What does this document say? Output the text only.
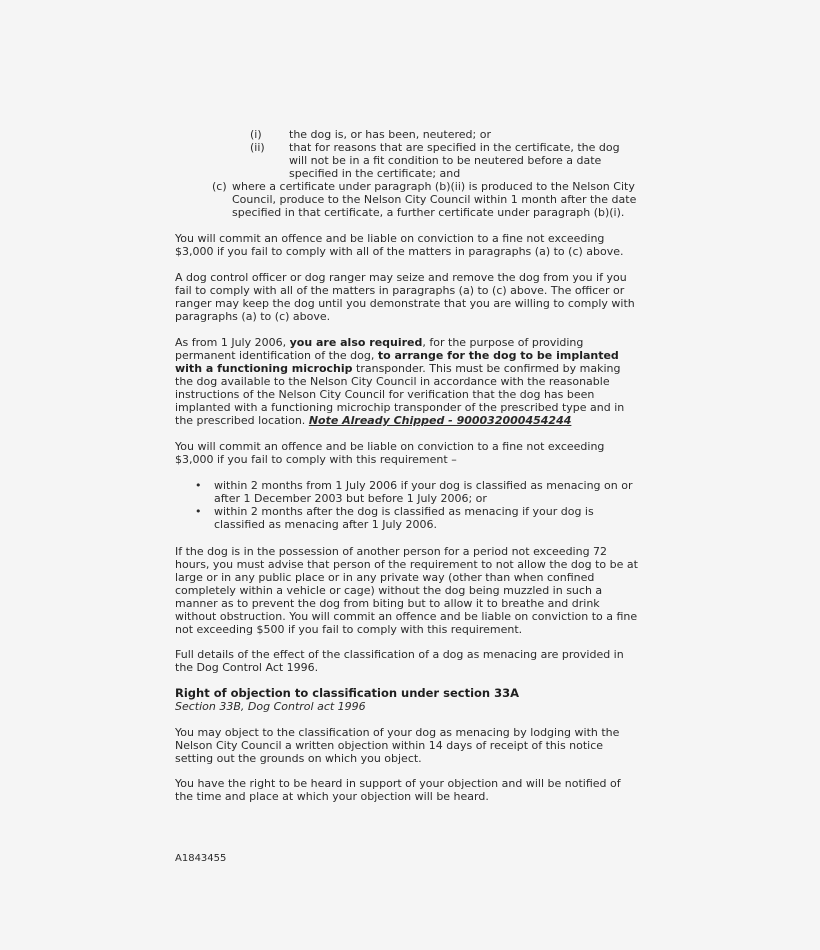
(i)	the dog is, or has been, neutered; or
(ii)	that for reasons that are specified in the certificate, the dog will not be in a fit condition to be neutered before a date specified in the certificate; and
(c) where a certificate under paragraph (b)(ii) is produced to the Nelson City Council, produce to the Nelson City Council within 1 month after the date specified in that certificate, a further certificate under paragraph (b)(i).
You will commit an offence and be liable on conviction to a fine not exceeding $3,000 if you fail to comply with all of the matters in paragraphs (a) to (c) above.
A dog control officer or dog ranger may seize and remove the dog from you if you fail to comply with all of the matters in paragraphs (a) to (c) above. The officer or ranger may keep the dog until you demonstrate that you are willing to comply with paragraphs (a) to (c) above.
As from 1 July 2006, you are also required, for the purpose of providing permanent identification of the dog, to arrange for the dog to be implanted with a functioning microchip transponder. This must be confirmed by making the dog available to the Nelson City Council in accordance with the reasonable instructions of the Nelson City Council for verification that the dog has been implanted with a functioning microchip transponder of the prescribed type and in the prescribed location. Note Already Chipped - 900032000454244
You will commit an offence and be liable on conviction to a fine not exceeding $3,000 if you fail to comply with this requirement –
• within 2 months from 1 July 2006 if your dog is classified as menacing on or after 1 December 2003 but before 1 July 2006; or
• within 2 months after the dog is classified as menacing if your dog is classified as menacing after 1 July 2006.
If the dog is in the possession of another person for a period not exceeding 72 hours, you must advise that person of the requirement to not allow the dog to be at large or in any public place or in any private way (other than when confined completely within a vehicle or cage) without the dog being muzzled in such a manner as to prevent the dog from biting but to allow it to breathe and drink without obstruction. You will commit an offence and be liable on conviction to a fine not exceeding $500 if you fail to comply with this requirement.
Full details of the effect of the classification of a dog as menacing are provided in the Dog Control Act 1996.
Right of objection to classification under section 33A
Section 33B, Dog Control act 1996
You may object to the classification of your dog as menacing by lodging with the Nelson City Council a written objection within 14 days of receipt of this notice setting out the grounds on which you object.
You have the right to be heard in support of your objection and will be notified of the time and place at which your objection will be heard.
A1843455
